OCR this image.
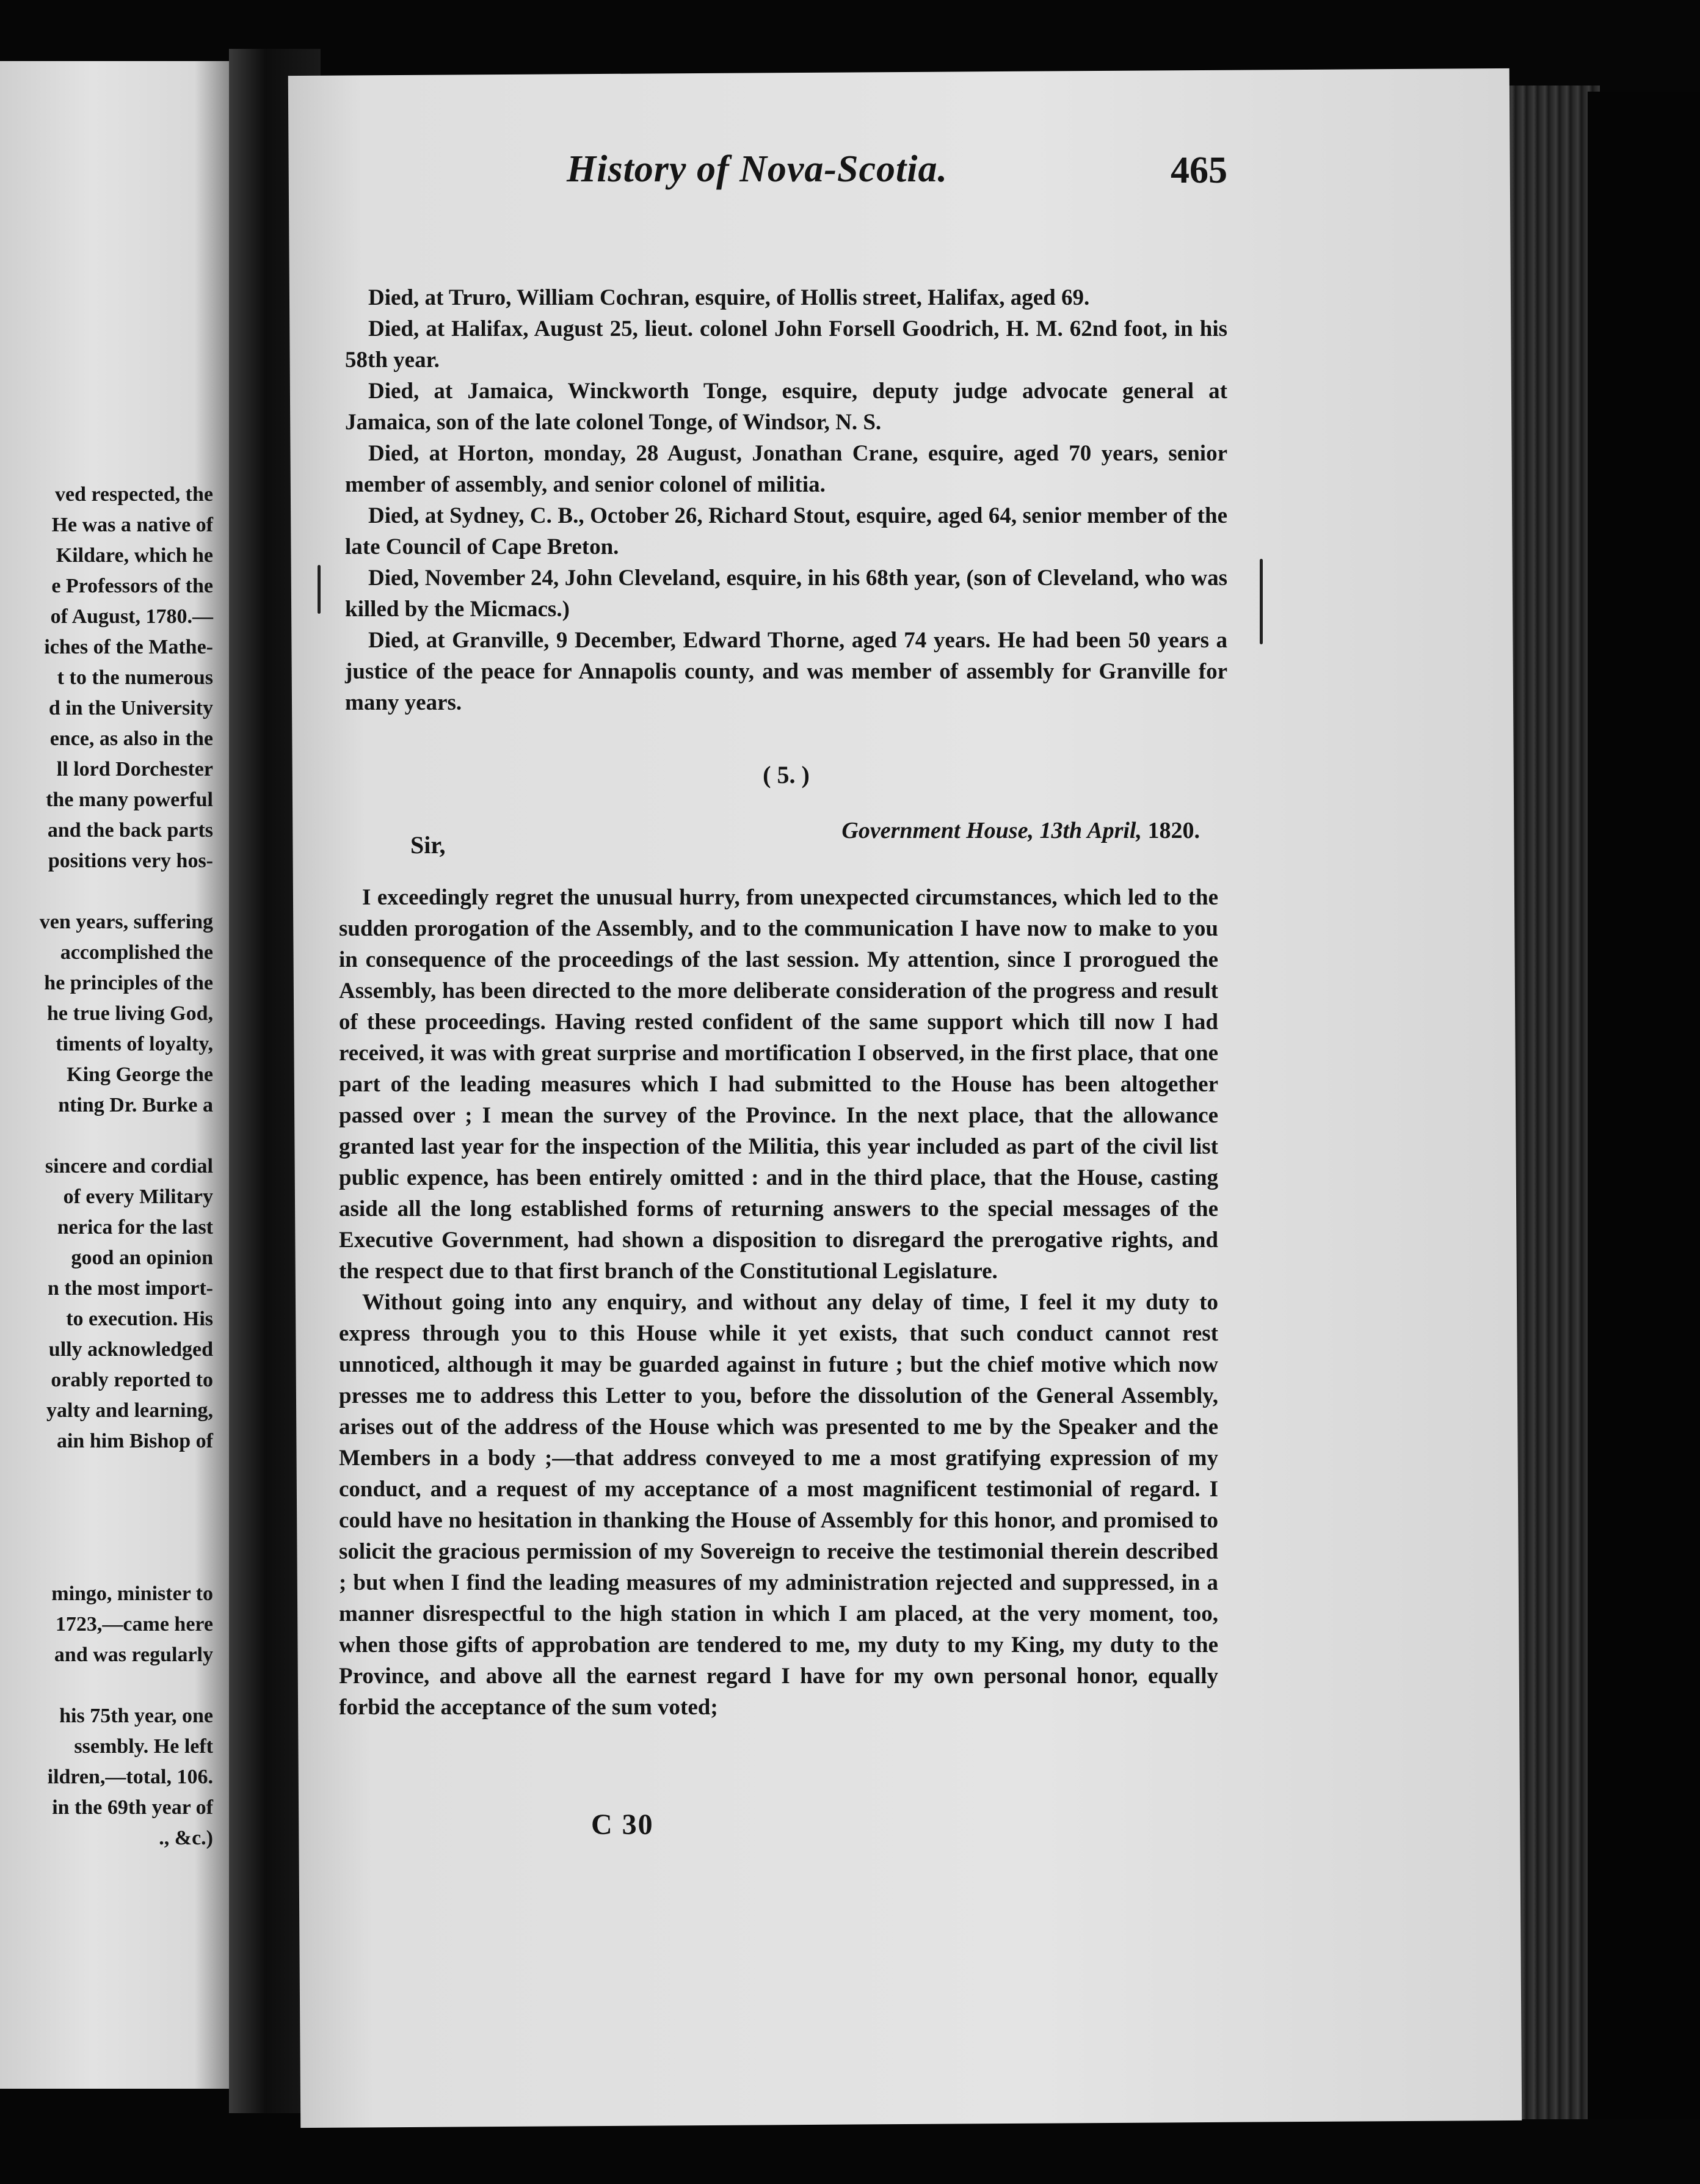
ved respected, the
He was a native of
Kildare, which he
e Professors of the
of August, 1780.—
iches of the Mathe-
t to the numerous
d in the University
ence, as also in the
ll lord Dorchester
the many powerful
and the back parts
positions very hos-
ven years, suffering
accomplished the
he principles of the
he true living God,
timents of loyalty,
King George the
nting Dr. Burke a
sincere and cordial
of every Military
nerica for the last
good an opinion
n the most import-
to execution. His
ully acknowledged
orably reported to
yalty and learning,
ain him Bishop of
mingo, minister to
1723,—came here
and was regularly
his 75th year, one
ssembly. He left
ildren,—total, 106.
in the 69th year of
., &c.)
History of Nova-Scotia.	465

Died, at Truro, William Cochran, esquire, of Hollis street, Halifax, aged 69.

Died, at Halifax, August 25, lieut. colonel John Forsell Goodrich, H. M. 62nd foot, in his 58th year.

Died, at Jamaica, Winckworth Tonge, esquire, deputy judge advocate general at Jamaica, son of the late colonel Tonge, of Windsor, N. S.

Died, at Horton, monday, 28 August, Jonathan Crane, esquire, aged 70 years, senior member of assembly, and senior colonel of militia.

Died, at Sydney, C. B., October 26, Richard Stout, esquire, aged 64, senior member of the late Council of Cape Breton.

Died, November 24, John Cleveland, esquire, in his 68th year, (son of Cleveland, who was killed by the Micmacs.)

Died, at Granville, 9 December, Edward Thorne, aged 74 years. He had been 50 years a justice of the peace for Annapolis county, and was member of assembly for Granville for many years.

( 5. )
Government House, 13th April, 1820.
Sir,

I exceedingly regret the unusual hurry, from unexpected circumstances, which led to the sudden prorogation of the Assembly, and to the communication I have now to make to you in consequence of the proceedings of the last session. My attention, since I prorogued the Assembly, has been directed to the more deliberate consideration of the progress and result of these proceedings. Having rested confident of the same support which till now I had received, it was with great surprise and mortification I observed, in the first place, that one part of the leading measures which I had submitted to the House has been altogether passed over ; I mean the survey of the Province. In the next place, that the allowance granted last year for the inspection of the Militia, this year included as part of the civil list public expence, has been entirely omitted : and in the third place, that the House, casting aside all the long established forms of returning answers to the special messages of the Executive Government, had shown a disposition to disregard the prerogative rights, and the respect due to that first branch of the Constitutional Legislature.

Without going into any enquiry, and without any delay of time, I feel it my duty to express through you to this House while it yet exists, that such conduct cannot rest unnoticed, although it may be guarded against in future ; but the chief motive which now presses me to address this Letter to you, before the dissolution of the General Assembly, arises out of the address of the House which was presented to me by the Speaker and the Members in a body ;—that address conveyed to me a most gratifying expression of my conduct, and a request of my acceptance of a most magnificent testimonial of regard. I could have no hesitation in thanking the House of Assembly for this honor, and promised to solicit the gracious permission of my Sovereign to receive the testimonial therein described ; but when I find the leading measures of my administration rejected and suppressed, in a manner disrespectful to the high station in which I am placed, at the very moment, too, when those gifts of approbation are tendered to me, my duty to my King, my duty to the Province, and above all the earnest regard I have for my own personal honor, equally forbid the acceptance of the sum voted;

C 30
